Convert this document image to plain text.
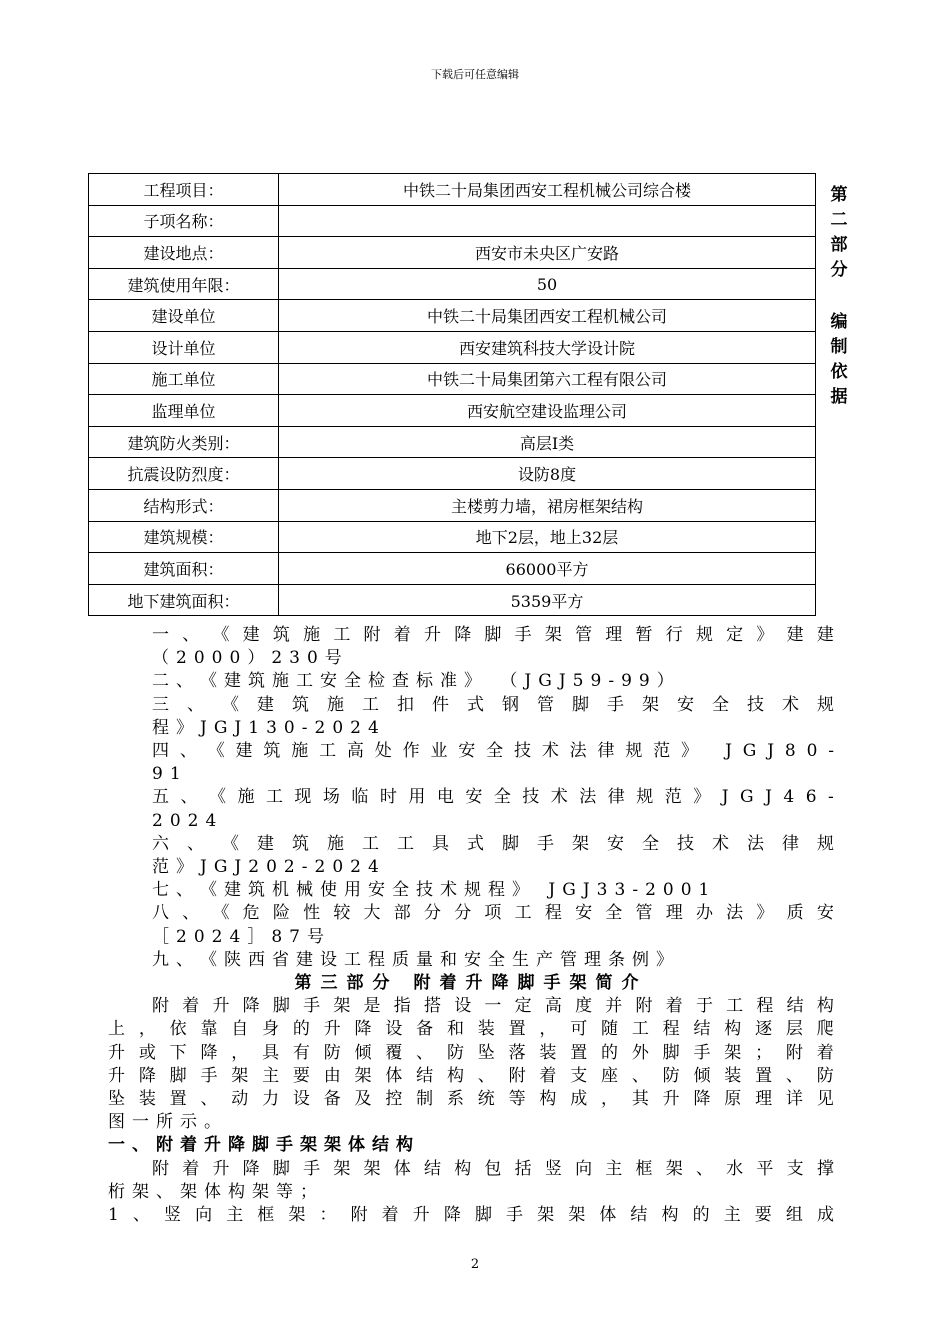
下载后可任意编辑
工程项目：	中铁二十局集团西安工程机械公司综合楼
子项名称：	
建设地点：	西安市未央区广安路
建筑使用年限：	50
建设单位	中铁二十局集团西安工程机械公司
设计单位	西安建筑科技大学设计院
施工单位	中铁二十局集团第六工程有限公司
监理单位	西安航空建设监理公司
建筑防火类别：	高层Ⅰ类
抗震设防烈度：	设防8度
结构形式：	主楼剪力墙，裙房框架结构
建筑规模：	地下2层，地上32层
建筑面积：	66000平方
地下建筑面积：	5359平方
第
二
部
分
编
制
依
据
一 、 《 建 筑 施 工 附 着 升 降 脚 手 架 管 理 暂 行 规 定 》 建 建
（ 2 0 0 0 ） 2 3 0 号
二 、 《 建 筑 施 工 安 全 检 查 标 准 》
（ J G J 5 9 - 9 9 ）
三 、 《 建 筑 施 工 扣 件 式 钢 管 脚 手 架 安 全 技 术 规
程 》 J G J 1 3 0 - 2 0 2 4
四 、 《 建 筑 施 工 高 处 作 业 安 全 技 术 法 律 规 范 》
J G J 8 0 -
9 1
五 、 《 施 工 现 场 临 时 用 电 安 全 技 术 法 律 规 范 》 J G J 4 6 -
2 0 2 4
六 、 《 建 筑 施 工 工 具 式 脚 手 架 安 全 技 术 法 律 规
范 》 J G J 2 0 2 - 2 0 2 4
七 、 《 建 筑 机 械 使 用 安 全 技 术 规 程 》
J G J 3 3 - 2 0 0 1
八 、 《 危 险 性 较 大 部 分 分 项 工 程 安 全 管 理 办 法 》 质 安
［ 2 0 2 4 ］ 8 7 号
九 、 《 陕 西 省 建 设 工 程 质 量 和 安 全 生 产 管 理 条 例 》
第 三 部 分
附 着 升 降 脚 手 架 简 介
附 着 升 降 脚 手 架 是 指 搭 设 一 定 高 度 并 附 着 于 工 程 结 构
上 ， 依 靠 自 身 的 升 降 设 备 和 装 置 ， 可 随 工 程 结 构 逐 层 爬
升 或 下 降 ， 具 有 防 倾 覆 、 防 坠 落 装 置 的 外 脚 手 架 ； 附 着
升 降 脚 手 架 主 要 由 架 体 结 构 、 附 着 支 座 、 防 倾 装 置 、 防
坠 装 置 、 动 力 设 备 及 控 制 系 统 等 构 成 ， 其 升 降 原 理 详 见
图 一 所 示 。
一 、 附 着 升 降 脚 手 架 架 体 结 构
附 着 升 降 脚 手 架 架 体 结 构 包 括 竖 向 主 框 架 、 水 平 支 撑
桁 架 、 架 体 构 架 等 ；
1 、 竖 向 主 框 架 ： 附 着 升 降 脚 手 架 架 体 结 构 的 主 要 组 成
2
